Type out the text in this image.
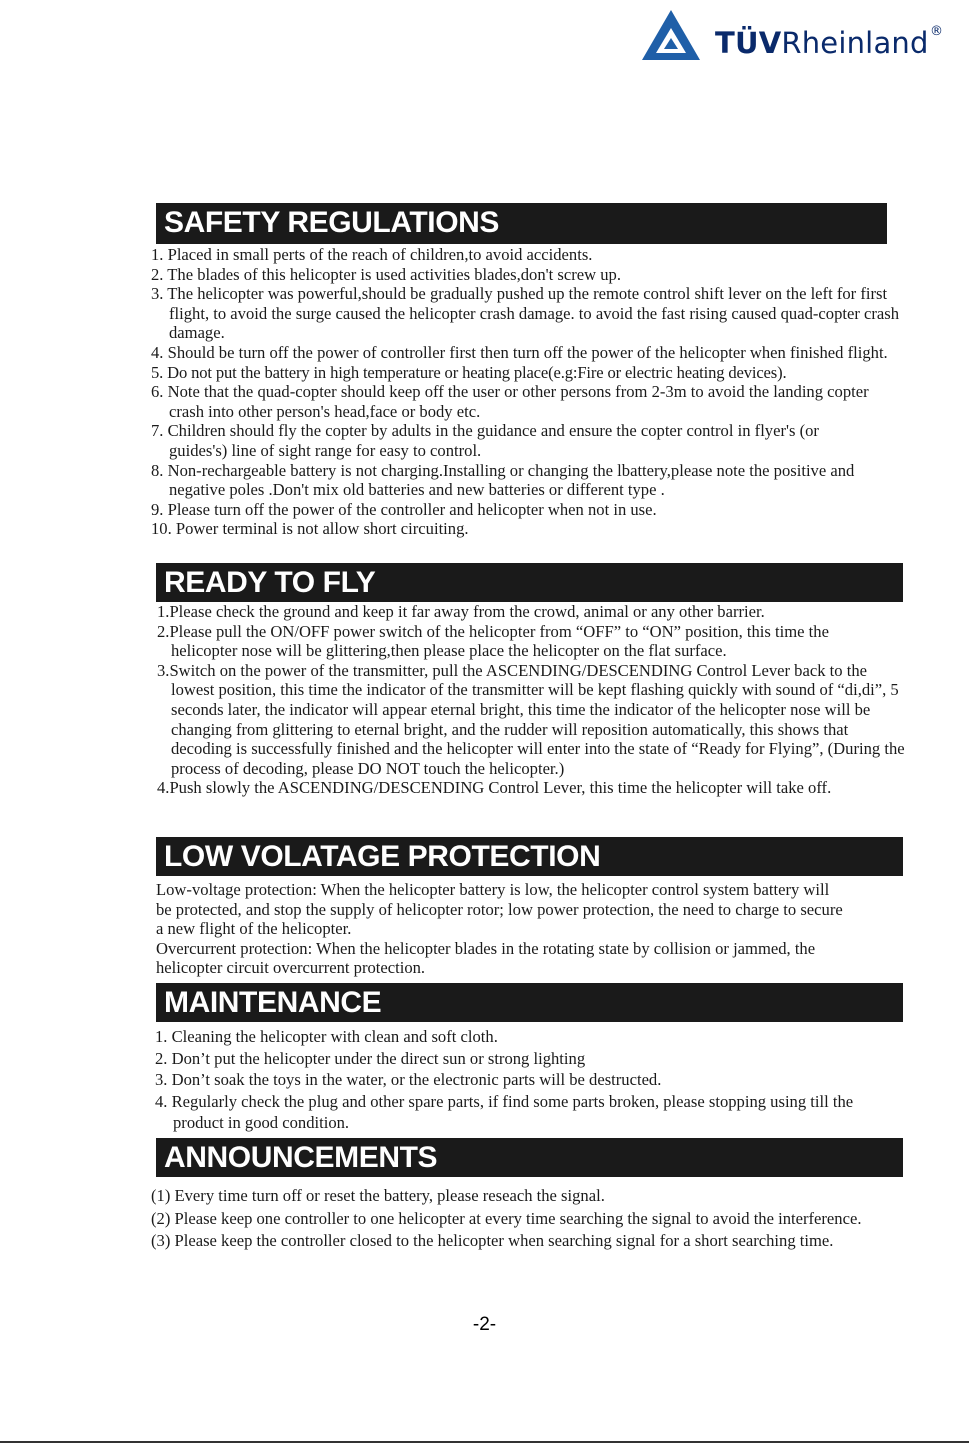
TÜVRheinland ®
SAFETY REGULATIONS

1. Placed in small perts of the reach of children,to avoid accidents.

2. The blades of this helicopter is used activities blades,don't screw up.

3. The helicopter was powerful,should be gradually pushed up the remote control shift lever on the left for first flight, to avoid the surge caused the helicopter crash damage. to avoid the fast rising caused quad-copter crash damage.

4. Should be turn off the power of controller first then turn off the power of the helicopter when finished flight.

5. Do not put the battery in high temperature or heating place(e.g:Fire or electric heating devices).

6. Note that the quad-copter should keep off the user or other persons from 2-3m to avoid the landing copter crash into other person's head,face or body etc.

7. Children should fly the copter by adults in the guidance and ensure the copter control in flyer's (or guides's) line of sight range for easy to control.

8. Non-rechargeable battery is not charging.Installing or changing the lbattery,please note the positive and negative poles .Don't mix old batteries and new batteries or different type .

9. Please turn off the power of the controller and helicopter when not in use.

10. Power terminal is not allow short circuiting.

READY TO FLY

1.Please check the ground and keep it far away from the crowd, animal or any other barrier.

2.Please pull the ON/OFF power switch of the helicopter from “OFF” to “ON” position, this time the helicopter nose will be glittering,then please place the helicopter on the flat surface.

3.Switch on the power of the transmitter, pull the ASCENDING/DESCENDING Control Lever back to the lowest position, this time the indicator of the transmitter will be kept flashing quickly with sound of “di,di”, 5 seconds later, the indicator will appear eternal bright, this time the indicator of the helicopter nose will be changing from glittering to eternal bright, and the rudder will reposition automatically, this shows that decoding is successfully finished and the helicopter will enter into the state of “Ready for Flying”, (During the process of decoding, please DO NOT touch the helicopter.)

4.Push slowly the ASCENDING/DESCENDING Control Lever, this time the helicopter will take off.

LOW VOLATAGE PROTECTION

Low-voltage protection: When the helicopter battery is low, the helicopter control system battery will be protected, and stop the supply of helicopter rotor; low power protection, the need to charge to secure a new flight of the helicopter.

Overcurrent protection: When the helicopter blades in the rotating state by collision or jammed, the helicopter circuit overcurrent protection.

MAINTENANCE

1. Cleaning the helicopter with clean and soft cloth.

2. Don’t put the helicopter under the direct sun or strong lighting

3. Don’t soak the toys in the water, or the electronic parts will be destructed.

4. Regularly check the plug and other spare parts, if find some parts broken, please stopping using till the product in good condition.

ANNOUNCEMENTS

(1) Every time turn off or reset the battery, please reseach the signal.

(2) Please keep one controller to one helicopter at every time searching the signal to avoid the interference.

(3) Please keep the controller closed to the helicopter when searching signal for a short searching time.

-2-
